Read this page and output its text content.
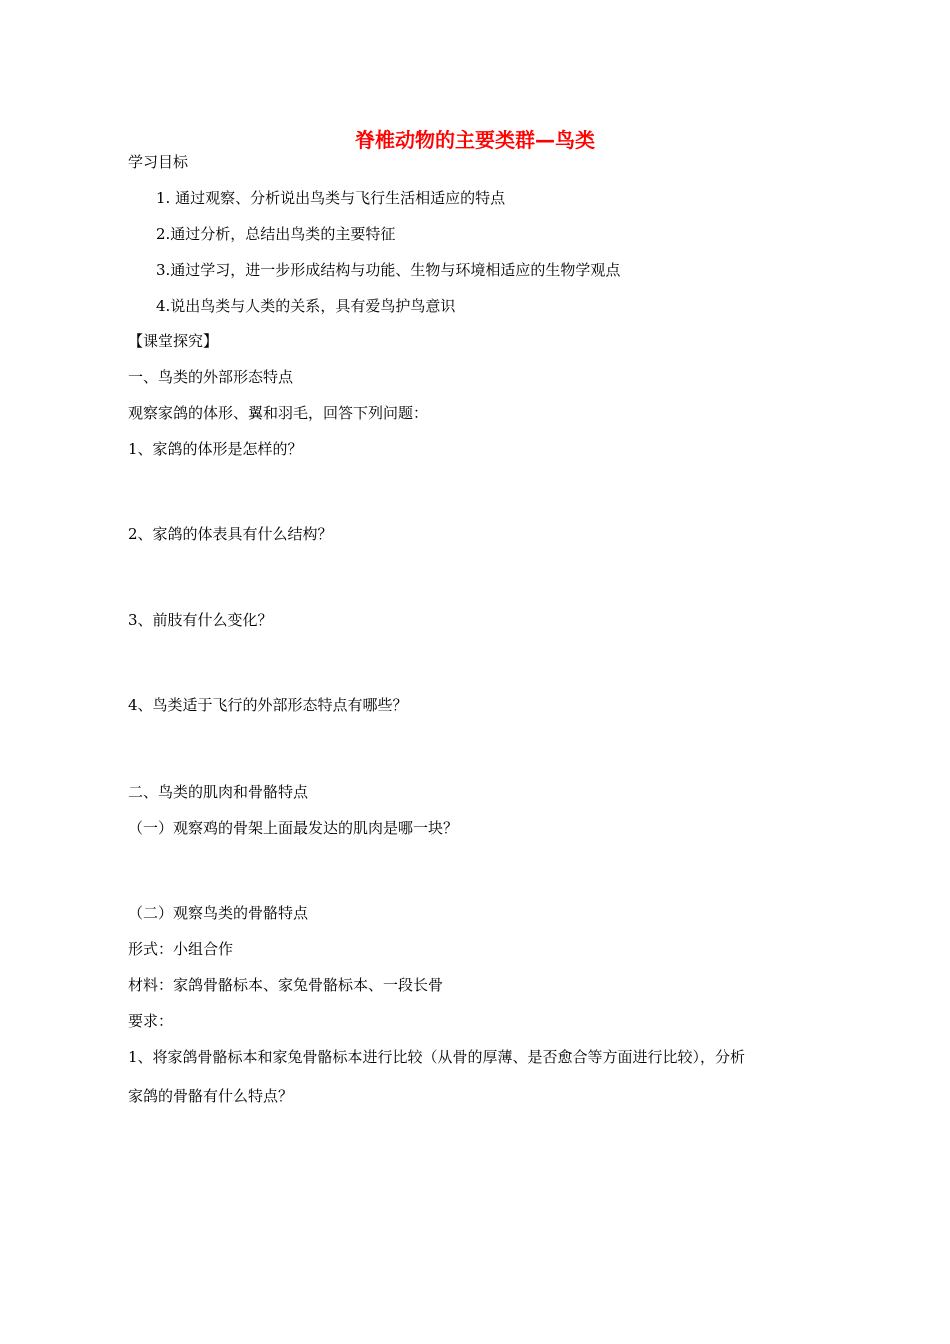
脊椎动物的主要类群—鸟类
学习目标
1. 通过观察、分析说出鸟类与飞行生活相适应的特点
2.通过分析，总结出鸟类的主要特征
3.通过学习，进一步形成结构与功能、生物与环境相适应的生物学观点
4.说出鸟类与人类的关系，具有爱鸟护鸟意识
【课堂探究】
一、鸟类的外部形态特点
观察家鸽的体形、翼和羽毛，回答下列问题：
1、家鸽的体形是怎样的？
2、家鸽的体表具有什么结构？
3、前肢有什么变化？
4、鸟类适于飞行的外部形态特点有哪些？
二、鸟类的肌肉和骨骼特点
（一）观察鸡的骨架上面最发达的肌肉是哪一块？
（二）观察鸟类的骨骼特点
形式：小组合作
材料：家鸽骨骼标本、家兔骨骼标本、一段长骨
要求：
1、将家鸽骨骼标本和家兔骨骼标本进行比较（从骨的厚薄、是否愈合等方面进行比较），分析
家鸽的骨骼有什么特点？
